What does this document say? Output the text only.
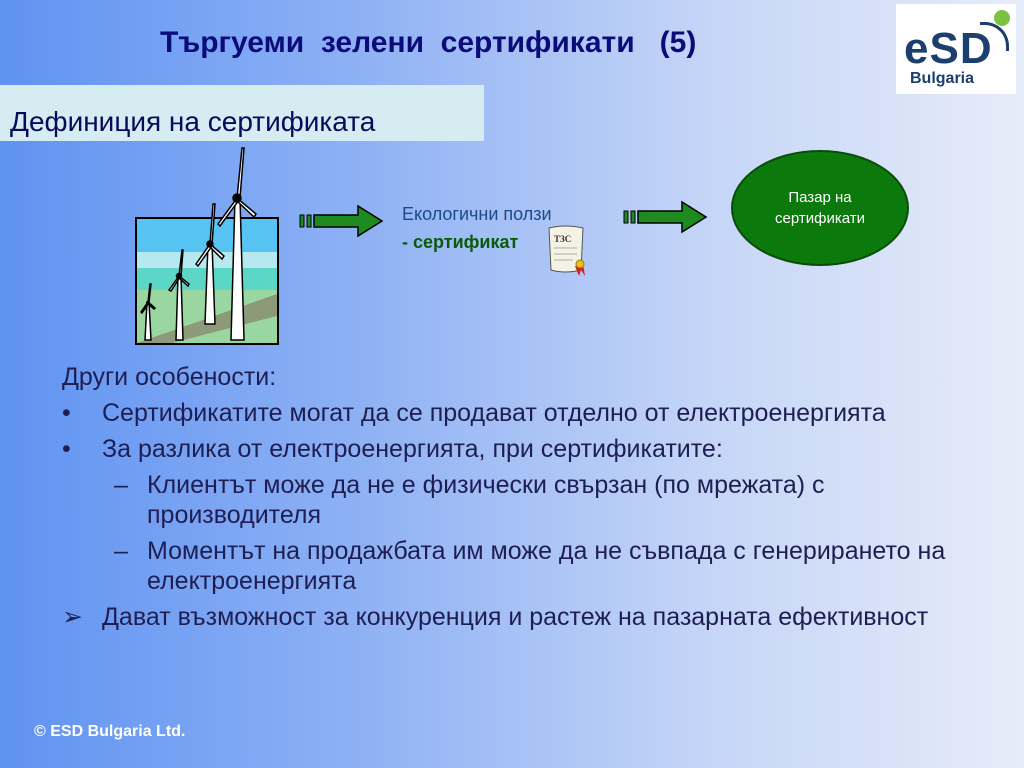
Търгуеми  зелени  сертификати   (5)	eSD
Bulgaria
Дефиниция на сертификата
Екологични ползи
- сертификат	ТЗС
Пазар на
сертификати
Други особености:
• Сертификатите могат да се продават отделно от електроенергията
• За разлика от електроенергията, при сертификатите:
– Клиентът може да не е физически свързан (по мрежата) с производителя
– Моментът на продажбата им може да не съвпада с генерирането на електроенергията
➢ Дават възможност за конкуренция и растеж на пазарната ефективност
© ESD Bulgaria Ltd.
